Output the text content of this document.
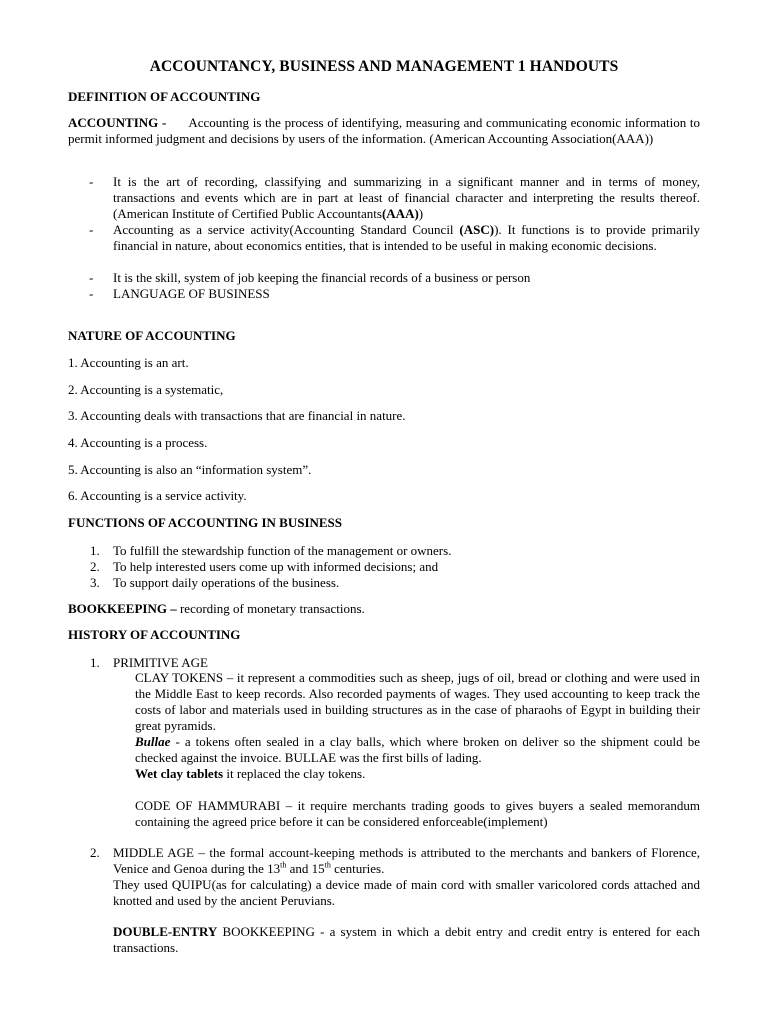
ACCOUNTANCY, BUSINESS AND MANAGEMENT 1 HANDOUTS
DEFINITION OF ACCOUNTING
ACCOUNTING - Accounting is the process of identifying, measuring and communicating economic information to permit informed judgment and decisions by users of the information. (American Accounting Association(AAA))
- It is the art of recording, classifying and summarizing in a significant manner and in terms of money, transactions and events which are in part at least of financial character and interpreting the results thereof. (American Institute of Certified Public Accountants(AAA))
- Accounting as a service activity(Accounting Standard Council (ASC)). It functions is to provide primarily financial in nature, about economics entities, that is intended to be useful in making economic decisions.
- It is the skill, system of job keeping the financial records of a business or person
- LANGUAGE OF BUSINESS
NATURE OF ACCOUNTING
1. Accounting is an art.
2. Accounting is a systematic,
3. Accounting deals with transactions that are financial in nature.
4. Accounting is a process.
5. Accounting is also an “information system”.
6. Accounting is a service activity.
FUNCTIONS OF ACCOUNTING IN BUSINESS
1. To fulfill the stewardship function of the management or owners.
2. To help interested users come up with informed decisions; and
3. To support daily operations of the business.
BOOKKEEPING – recording of monetary transactions.
HISTORY OF ACCOUNTING
1. PRIMITIVE AGE
CLAY TOKENS – it represent a commodities such as sheep, jugs of oil, bread or clothing and were used in the Middle East to keep records. Also recorded payments of wages. They used accounting to keep track the costs of labor and materials used in building structures as in the case of pharaohs of Egypt in building their great pyramids.
Bullae - a tokens often sealed in a clay balls, which where broken on deliver so the shipment could be checked against the invoice. BULLAE was the first bills of lading.
Wet clay tablets it replaced the clay tokens.
CODE OF HAMMURABI – it require merchants trading goods to gives buyers a sealed memorandum containing the agreed price before it can be considered enforceable(implement)
2. MIDDLE AGE – the formal account-keeping methods is attributed to the merchants and bankers of Florence, Venice and Genoa during the 13th and 15th centuries.
They used QUIPU(as for calculating) a device made of main cord with smaller varicolored cords attached and knotted and used by the ancient Peruvians.
DOUBLE-ENTRY BOOKKEEPING - a system in which a debit entry and credit entry is entered for each transactions.
